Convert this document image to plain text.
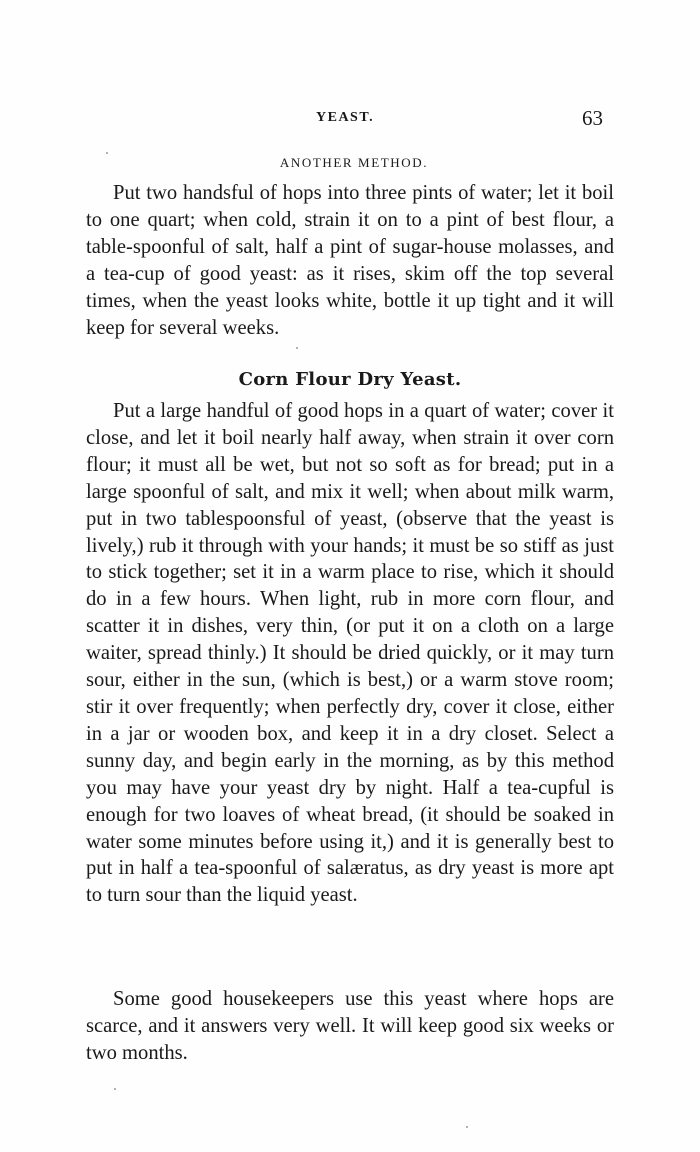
YEAST.	63
ANOTHER METHOD.

Put two handsful of hops into three pints of water; let it boil to one quart; when cold, strain it on to a pint of best flour, a table-spoonful of salt, half a pint of sugar-house molasses, and a tea-cup of good yeast: as it rises, skim off the top several times, when the yeast looks white, bottle it up tight and it will keep for several weeks.

Corn Flour Dry Yeast.

Put a large handful of good hops in a quart of water; cover it close, and let it boil nearly half away, when strain it over corn flour; it must all be wet, but not so soft as for bread; put in a large spoonful of salt, and mix it well; when about milk warm, put in two tablespoonsful of yeast, (observe that the yeast is lively,) rub it through with your hands; it must be so stiff as just to stick together; set it in a warm place to rise, which it should do in a few hours. When light, rub in more corn flour, and scatter it in dishes, very thin, (or put it on a cloth on a large waiter, spread thinly.) It should be dried quickly, or it may turn sour, either in the sun, (which is best,) or a warm stove room; stir it over frequently; when perfectly dry, cover it close, either in a jar or wooden box, and keep it in a dry closet. Select a sunny day, and begin early in the morning, as by this method you may have your yeast dry by night. Half a tea-cupful is enough for two loaves of wheat bread, (it should be soaked in water some minutes before using it,) and it is generally best to put in half a tea-spoonful of salæratus, as dry yeast is more apt to turn sour than the liquid yeast.

Some good housekeepers use this yeast where hops are scarce, and it answers very well. It will keep good six weeks or two months.
